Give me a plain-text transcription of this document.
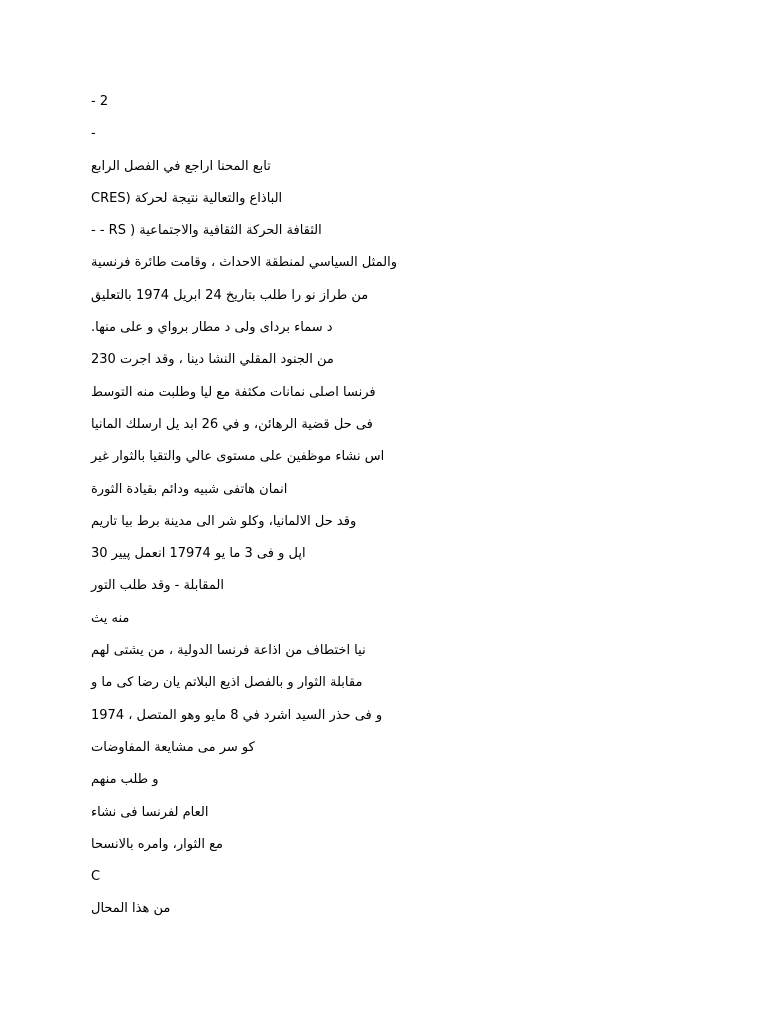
- 2
-
تابع المحنا اراجع في الفصل الرابع
الباذاع والتعالية نتيجة لحركة (CRES
الثقافة الحركة الثقافية والاجتماعية ( RS - -
والمثل السياسي لمنطقة الاحداث ، وقامت طائرة فرنسية
من طراز نو را طلب بتاريخ 24 ابريل 1974 بالتعليق
د سماء بردای ولی د مطار برواي و على منها.
من الجنود المقلي النشا دينا ، وقد اجرت 230
فرنسا اصلى نمانات مكثفة مع ليا وطلبت منه التوسط
فى حل قضية الرهائن، و في 26 ابد يل ارسلك المانيا
اس نشاء موظفين على مستوى عالي والتقيا بالثوار غير
انمان هاتفى شبيه ودائم بقيادة الثورة
وقد حل الالمانيا، وكلو شر الى مدينة برط بيا تاريم
اپل و فی 3 ما يو 17974 انعمل پيير 30
المقابلة - وقد طلب التور
منه يث
نيا اختطاف من اذاعة فرنسا الدولية ، من يشتى لهم
مقابلة الثوار و بالفصل اذيع البلاتم يان رضا کی ما و
و فى حذر السيد اشرد في 8 مايو وهو المتصل ، 1974
كو سر مى مشايعة المفاوضات
و طلب منهم
العام لفرنسا فى نشاء
مع الثوار، وامره بالانسحا
C
من هذا المحال
